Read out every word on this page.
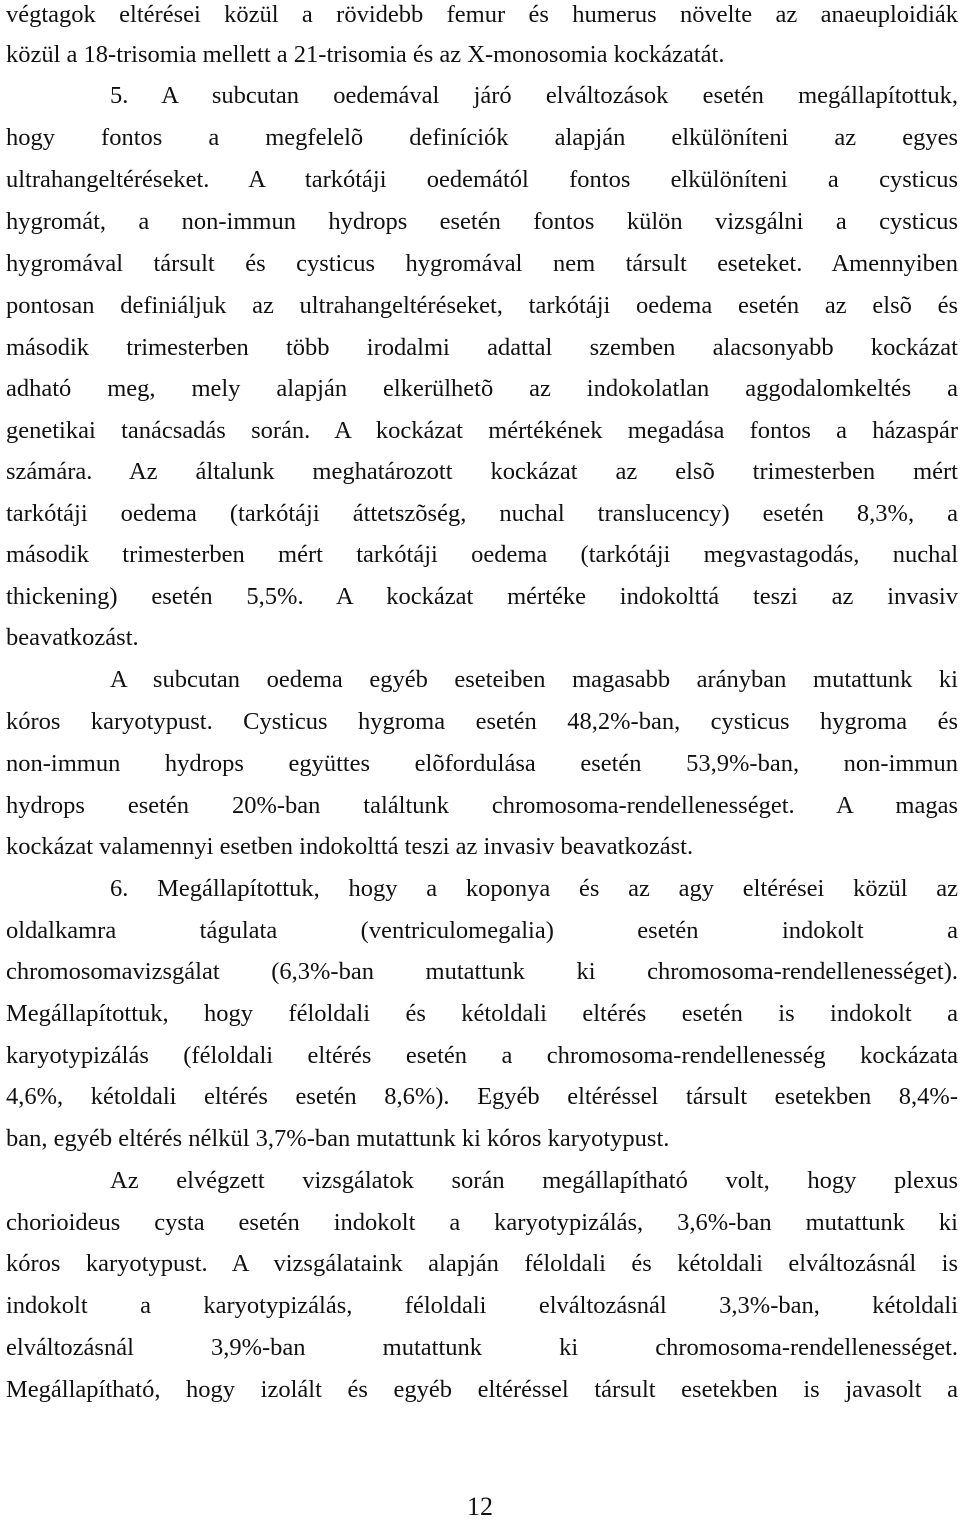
végtagok eltérései közül a rövidebb femur és humerus növelte az anaeuploidiák
közül a 18-trisomia mellett a 21-trisomia és az X-monosomia kockázatát.
5. A subcutan oedemával járó elváltozások esetén megállapítottuk,
hogy fontos a megfelelõ definíciók alapján elkülöníteni az egyes
ultrahangeltéréseket. A tarkótáji oedemától fontos elkülöníteni a cysticus
hygromát, a non-immun hydrops esetén fontos külön vizsgálni a cysticus
hygromával társult és cysticus hygromával nem társult eseteket. Amennyiben
pontosan definiáljuk az ultrahangeltéréseket, tarkótáji oedema esetén az elsõ és
második trimesterben több irodalmi adattal szemben alacsonyabb kockázat
adható meg, mely alapján elkerülhetõ az indokolatlan aggodalomkeltés a
genetikai tanácsadás során. A kockázat mértékének megadása fontos a házaspár
számára. Az általunk meghatározott kockázat az elsõ trimesterben mért
tarkótáji oedema (tarkótáji áttetszõség, nuchal translucency) esetén 8,3%, a
második trimesterben mért tarkótáji oedema (tarkótáji megvastagodás, nuchal
thickening) esetén 5,5%. A kockázat mértéke indokolttá teszi az invasiv
beavatkozást.
A subcutan oedema egyéb eseteiben magasabb arányban mutattunk ki
kóros karyotypust. Cysticus hygroma esetén 48,2%-ban, cysticus hygroma és
non-immun hydrops együttes elõfordulása esetén 53,9%-ban, non-immun
hydrops esetén 20%-ban találtunk chromosoma-rendellenességet. A magas
kockázat valamennyi esetben indokolttá teszi az invasiv beavatkozást.
6. Megállapítottuk, hogy a koponya és az agy eltérései közül az
oldalkamra tágulata (ventriculomegalia) esetén indokolt a
chromosomavizsgálat (6,3%-ban mutattunk ki chromosoma-rendellenességet).
Megállapítottuk, hogy féloldali és kétoldali eltérés esetén is indokolt a
karyotypizálás (féloldali eltérés esetén a chromosoma-rendellenesség kockázata
4,6%, kétoldali eltérés esetén 8,6%). Egyéb eltéréssel társult esetekben 8,4%-
ban, egyéb eltérés nélkül 3,7%-ban mutattunk ki kóros karyotypust.
Az elvégzett vizsgálatok során megállapítható volt, hogy plexus
chorioideus cysta esetén indokolt a karyotypizálás, 3,6%-ban mutattunk ki
kóros karyotypust. A vizsgálataink alapján féloldali és kétoldali elváltozásnál is
indokolt a karyotypizálás, féloldali elváltozásnál 3,3%-ban, kétoldali
elváltozásnál 3,9%-ban mutattunk ki chromosoma-rendellenességet.
Megállapítható, hogy izolált és egyéb eltéréssel társult esetekben is javasolt a
12
